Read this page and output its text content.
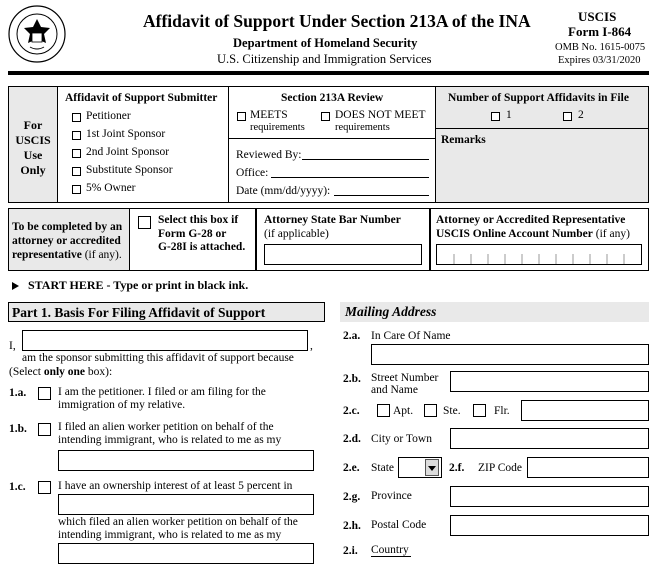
Affidavit of Support Under Section 213A of the INA
Department of Homeland Security
U.S. Citizenship and Immigration Services
USCIS
Form I-864
OMB No. 1615-0075
Expires 03/31/2020
For
USCIS
Use
Only
Affidavit of Support Submitter
Petitioner
1st Joint Sponsor
2nd Joint Sponsor
Substitute Sponsor
5% Owner
Section 213A Review
MEETS
requirements
DOES NOT MEET
requirements
Reviewed By:
Office:
Date (mm/dd/yyyy):
Number of Support Affidavits in File
1	2
Remarks
To be completed by an
attorney or accredited
representative (if any).
Select this box if
Form G-28 or
G-28I is attached.
Attorney State Bar Number
(if applicable)
Attorney or Accredited Representative
USCIS Online Account Number (if any)
START HERE - Type or print in black ink.
Part 1. Basis For Filing Affidavit of Support
I,	,
am the sponsor submitting this affidavit of support because
(Select only one box):
1.a.	I am the petitioner. I filed or am filing for the
immigration of my relative.
1.b.	I filed an alien worker petition on behalf of the
intending immigrant, who is related to me as my
1.c.	I have an ownership interest of at least 5 percent in
which filed an alien worker petition on behalf of the
intending immigrant, who is related to me as my
Mailing Address
2.a. In Care Of Name
2.b. Street Number
and Name
2.c.	Apt.	Ste.	Flr.
2.d. City or Town
2.e. State	2.f. ZIP Code
2.g. Province
2.h. Postal Code
2.i. Country
